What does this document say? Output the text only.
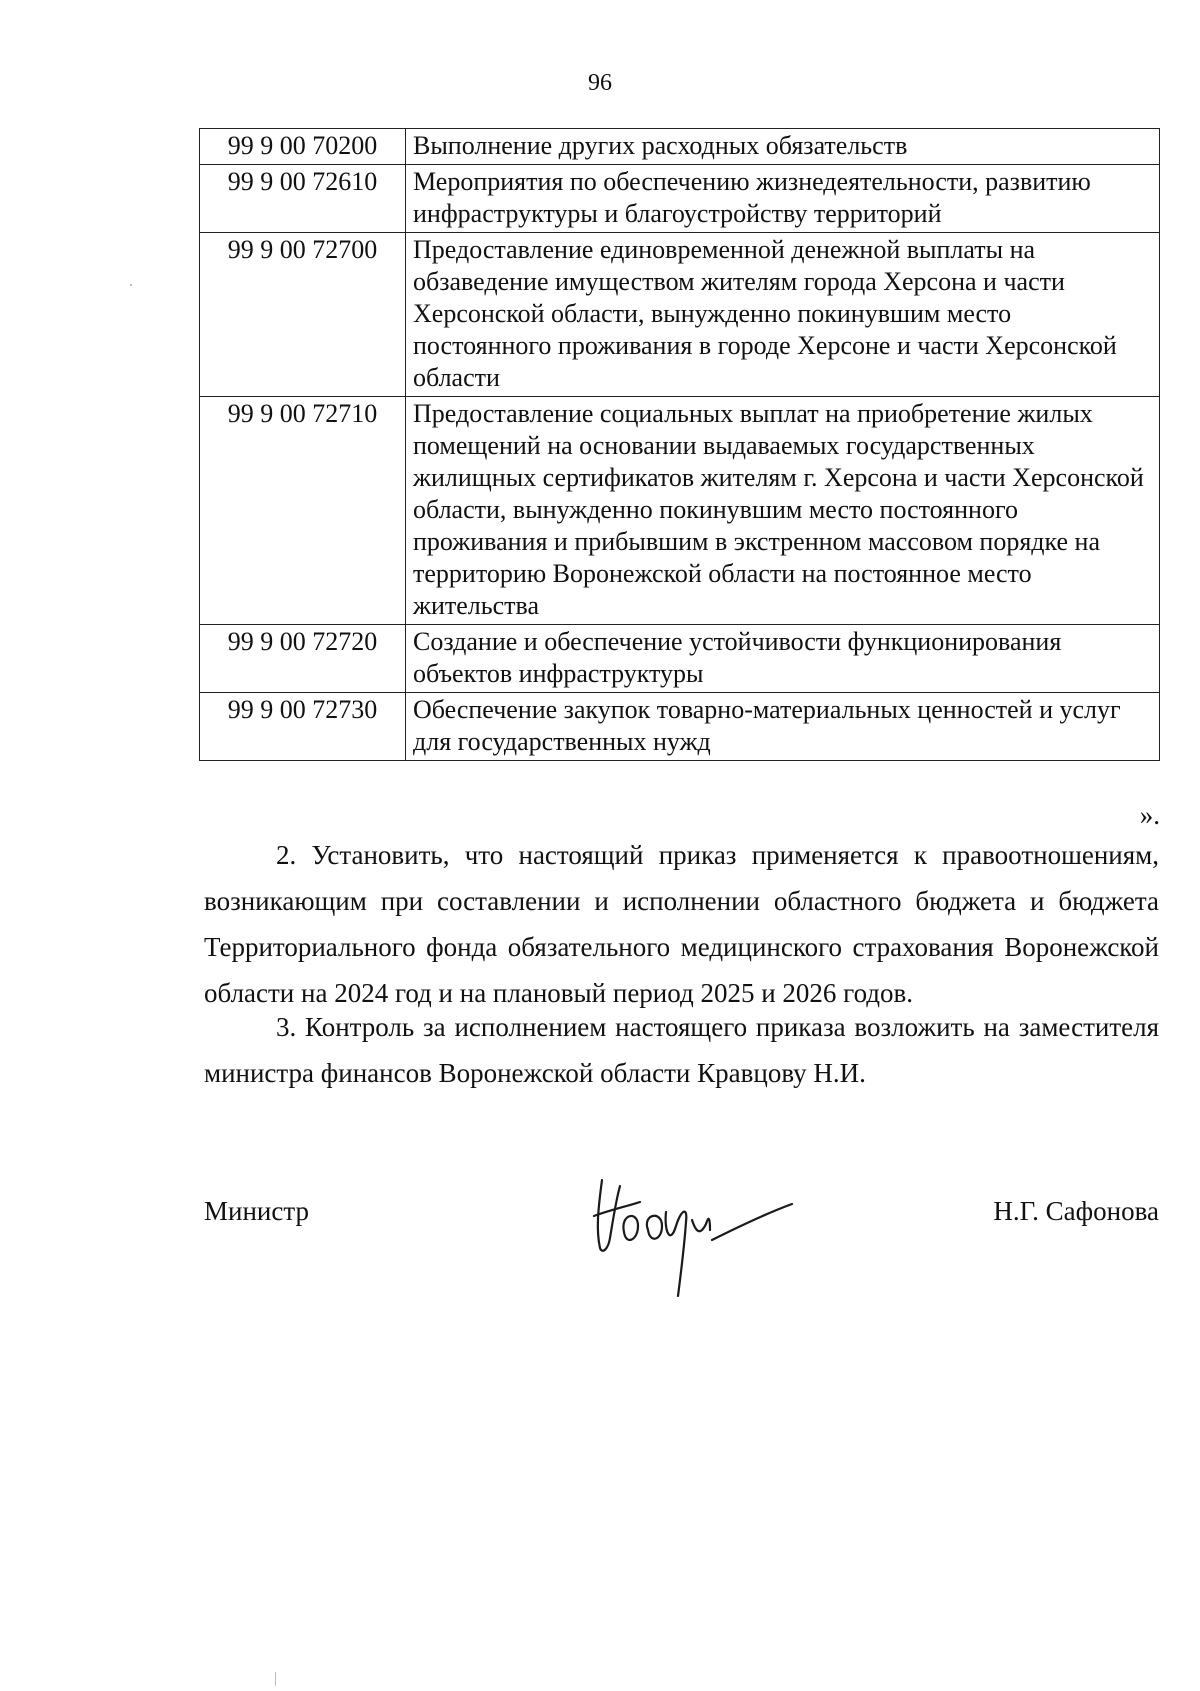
96
99 9 00 70200	Выполнение других расходных обязательств
99 9 00 72610	Мероприятия по обеспечению жизнедеятельности, развитию инфраструктуры и благоустройству территорий
99 9 00 72700	Предоставление единовременной денежной выплаты на обзаведение имуществом жителям города Херсона и части Херсонской области, вынужденно покинувшим место постоянного проживания в городе Херсоне и части Херсонской области
99 9 00 72710	Предоставление социальных выплат на приобретение жилых помещений на основании выдаваемых государственных жилищных сертификатов жителям г. Херсона и части Херсонской области, вынужденно покинувшим место постоянного проживания и прибывшим в экстренном массовом порядке на территорию Воронежской области на постоянное место жительства
99 9 00 72720	Создание и обеспечение устойчивости функционирования объектов инфраструктуры
99 9 00 72730	Обеспечение закупок товарно-материальных ценностей и услуг для государственных нужд
».

2. Установить, что настоящий приказ применяется к правоотношениям, возникающим при составлении и исполнении областного бюджета и бюджета Территориального фонда обязательного медицинского страхования Воронежской области на 2024 год и на плановый период 2025 и 2026 годов.

3. Контроль за исполнением настоящего приказа возложить на заместителя министра финансов Воронежской области Кравцову Н.И.

Министр	Н.Г. Сафонова
